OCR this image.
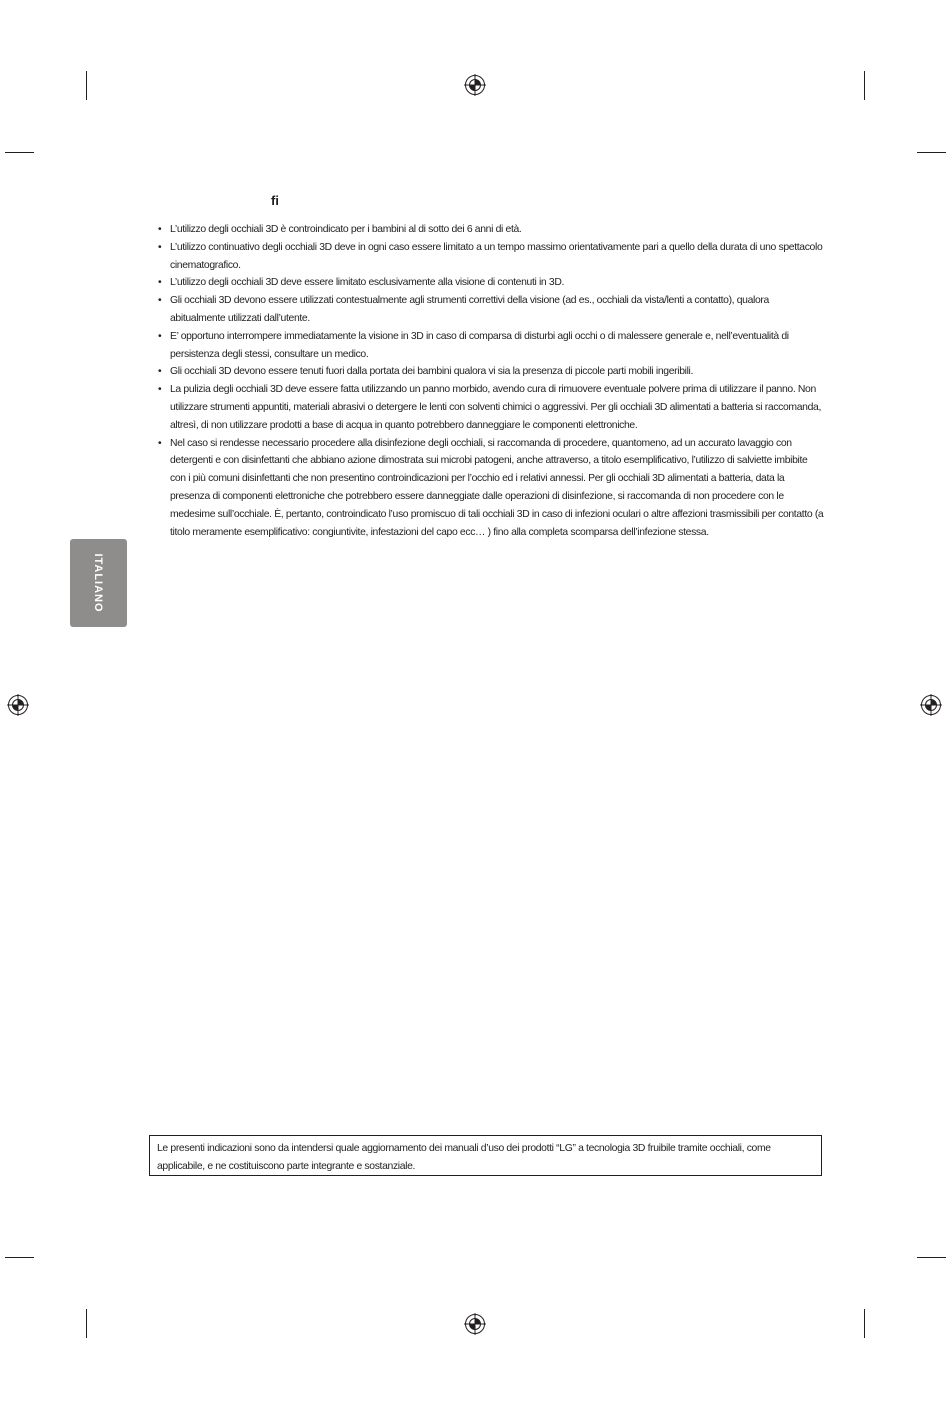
ﬁ
• L’utilizzo degli occhiali 3D è controindicato per i bambini al di sotto dei 6 anni di età.
• L’utilizzo continuativo degli occhiali 3D deve in ogni caso essere limitato a un tempo massimo orientativamente pari a quello della durata di uno spettacolo cinematografico.
• L’utilizzo degli occhiali 3D deve essere limitato esclusivamente alla visione di contenuti in 3D.
• Gli occhiali 3D devono essere utilizzati contestualmente agli strumenti correttivi della visione (ad es., occhiali da vista/lenti a contatto), qualora abitualmente utilizzati dall’utente.
• E’ opportuno interrompere immediatamente la visione in 3D in caso di comparsa di disturbi agli occhi o di malessere generale e, nell’eventualità di persistenza degli stessi, consultare un medico.
• Gli occhiali 3D devono essere tenuti fuori dalla portata dei bambini qualora vi sia la presenza di piccole parti mobili ingeribili.
• La pulizia degli occhiali 3D deve essere fatta utilizzando un panno morbido, avendo cura di rimuovere eventuale polvere prima di utilizzare il panno. Non utilizzare strumenti appuntiti, materiali abrasivi o detergere le lenti con solventi chimici o aggressivi. Per gli occhiali 3D alimentati a batteria si raccomanda, altresì, di non utilizzare prodotti a base di acqua in quanto potrebbero danneggiare le componenti elettroniche.
• Nel caso si rendesse necessario procedere alla disinfezione degli occhiali, si raccomanda di procedere, quantomeno, ad un accurato lavaggio con detergenti e con disinfettanti che abbiano azione dimostrata sui microbi patogeni, anche attraverso, a titolo esemplificativo, l’utilizzo di salviette imbibite con i più comuni disinfettanti che non presentino controindicazioni per l’occhio ed i relativi annessi. Per gli occhiali 3D alimentati a batteria, data la presenza di componenti elettroniche che potrebbero essere danneggiate dalle operazioni di disinfezione, si raccomanda di non procedere con le medesime sull’occhiale. È, pertanto, controindicato l’uso promiscuo di tali occhiali 3D in caso di infezioni oculari o altre affezioni trasmissibili per contatto (a titolo meramente esemplificativo: congiuntivite, infestazioni del capo ecc… ) fino alla completa scomparsa dell’infezione stessa.
ITALIANO
Le presenti indicazioni sono da intendersi quale aggiornamento dei manuali d’uso dei prodotti “LG” a tecnologia 3D fruibile tramite occhiali, come applicabile, e ne costituiscono parte integrante e sostanziale.
